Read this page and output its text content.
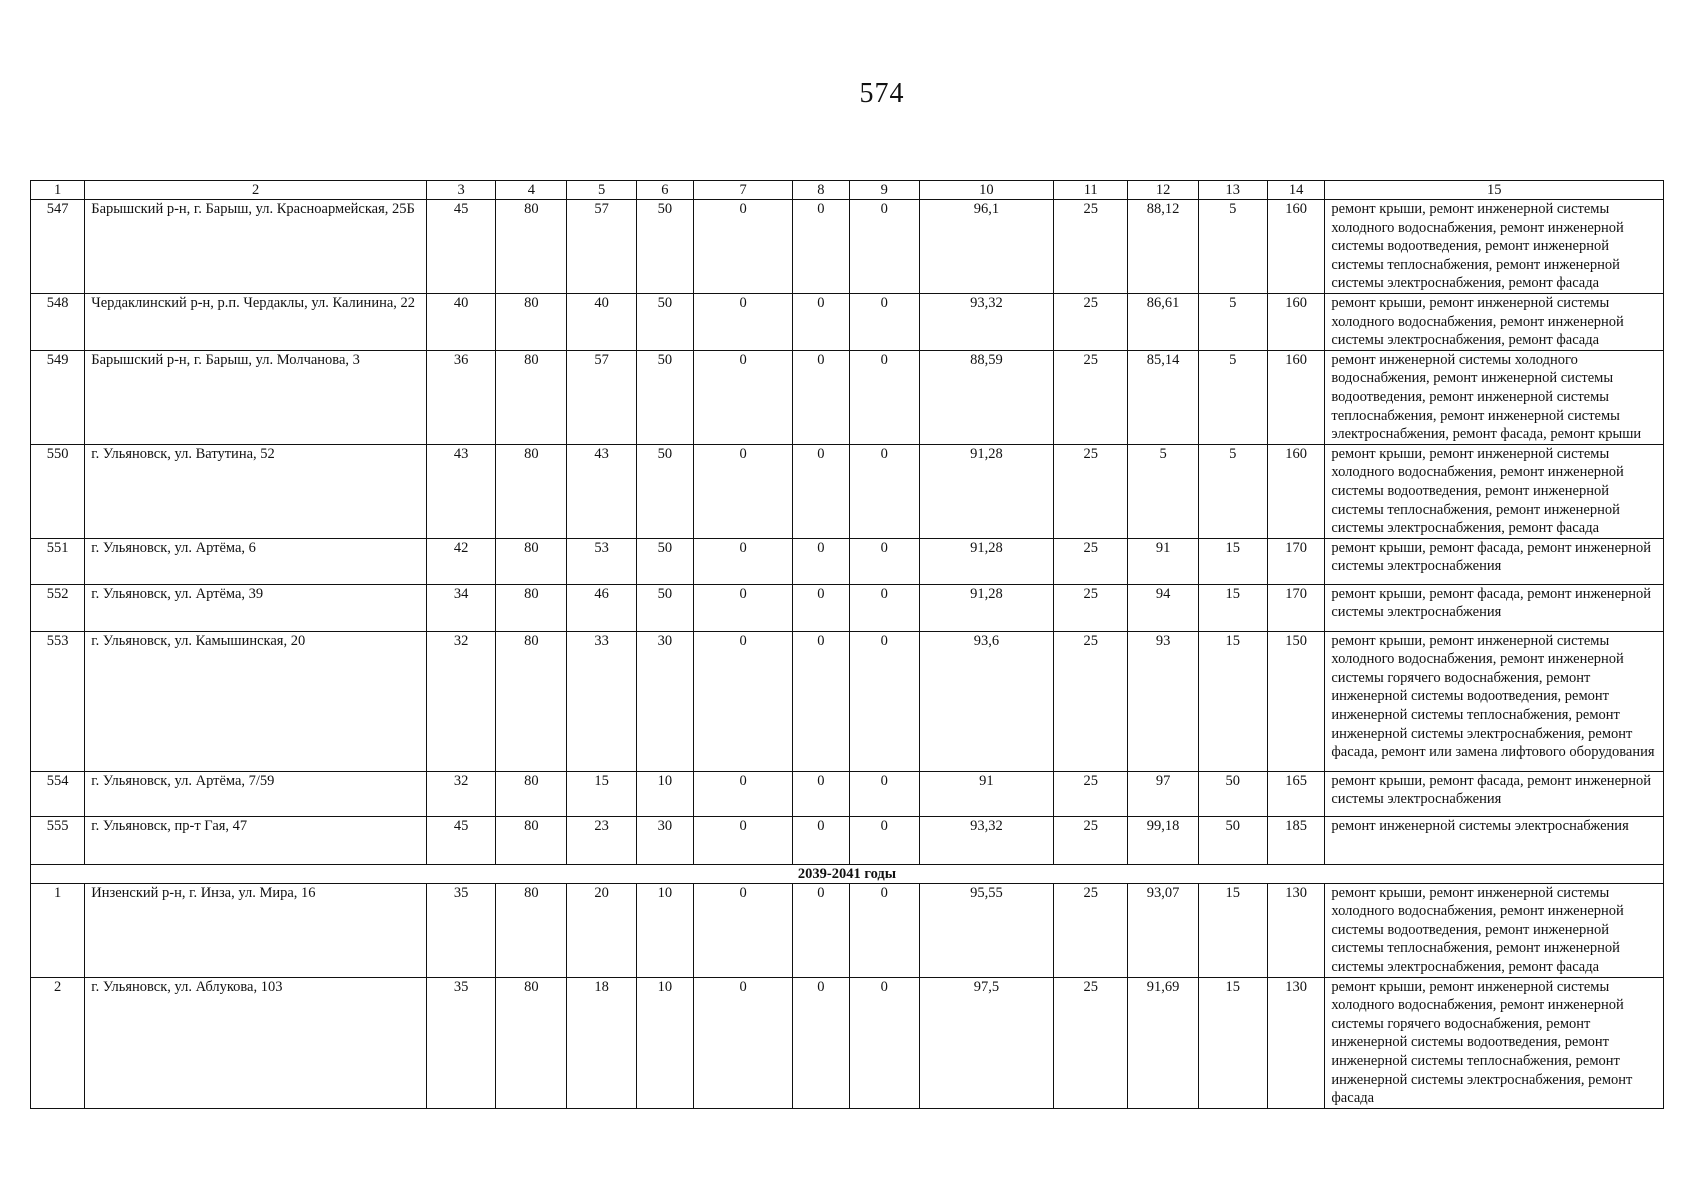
574
1	2	3	4	5	6	7	8	9	10	11	12	13	14	15
547	Барышский р-н, г. Барыш, ул. Красноармейская, 25Б	45	80	57	50	0	0	0	96,1	25	88,12	5	160	ремонт крыши, ремонт инженерной системы холодного водоснабжения, ремонт инженерной системы водоотведения, ремонт инженерной системы теплоснабжения, ремонт инженерной системы электроснабжения, ремонт фасада
548	Чердаклинский р-н, р.п. Чердаклы, ул. Калинина, 22	40	80	40	50	0	0	0	93,32	25	86,61	5	160	ремонт крыши, ремонт инженерной системы холодного водоснабжения, ремонт инженерной системы электроснабжения, ремонт фасада
549	Барышский р-н, г. Барыш, ул. Молчанова, 3	36	80	57	50	0	0	0	88,59	25	85,14	5	160	ремонт инженерной системы холодного водоснабжения, ремонт инженерной системы водоотведения, ремонт инженерной системы теплоснабжения, ремонт инженерной системы электроснабжения, ремонт фасада, ремонт крыши
550	г. Ульяновск, ул. Ватутина, 52	43	80	43	50	0	0	0	91,28	25	5	5	160	ремонт крыши, ремонт инженерной системы холодного водоснабжения, ремонт инженерной системы водоотведения, ремонт инженерной системы теплоснабжения, ремонт инженерной системы электроснабжения, ремонт фасада
551	г. Ульяновск, ул. Артёма, 6	42	80	53	50	0	0	0	91,28	25	91	15	170	ремонт крыши, ремонт фасада, ремонт инженерной системы электроснабжения
552	г. Ульяновск, ул. Артёма, 39	34	80	46	50	0	0	0	91,28	25	94	15	170	ремонт крыши, ремонт фасада, ремонт инженерной системы электроснабжения
553	г. Ульяновск, ул. Камышинская, 20	32	80	33	30	0	0	0	93,6	25	93	15	150	ремонт крыши, ремонт инженерной системы холодного водоснабжения, ремонт инженерной системы горячего водоснабжения, ремонт инженерной системы водоотведения, ремонт инженерной системы теплоснабжения, ремонт инженерной системы электроснабжения, ремонт фасада, ремонт или замена лифтового оборудования
554	г. Ульяновск, ул. Артёма, 7/59	32	80	15	10	0	0	0	91	25	97	50	165	ремонт крыши, ремонт фасада, ремонт инженерной системы электроснабжения
555	г. Ульяновск, пр-т Гая, 47	45	80	23	30	0	0	0	93,32	25	99,18	50	185	ремонт инженерной системы электроснабжения
2039-2041 годы														
1	Инзенский р-н, г. Инза, ул. Мира, 16	35	80	20	10	0	0	0	95,55	25	93,07	15	130	ремонт крыши, ремонт инженерной системы холодного водоснабжения, ремонт инженерной системы водоотведения, ремонт инженерной системы теплоснабжения, ремонт инженерной системы электроснабжения, ремонт фасада
2	г. Ульяновск, ул. Аблукова, 103	35	80	18	10	0	0	0	97,5	25	91,69	15	130	ремонт крыши, ремонт инженерной системы холодного водоснабжения, ремонт инженерной системы горячего водоснабжения, ремонт инженерной системы водоотведения, ремонт инженерной системы теплоснабжения, ремонт инженерной системы электроснабжения, ремонт фасада
